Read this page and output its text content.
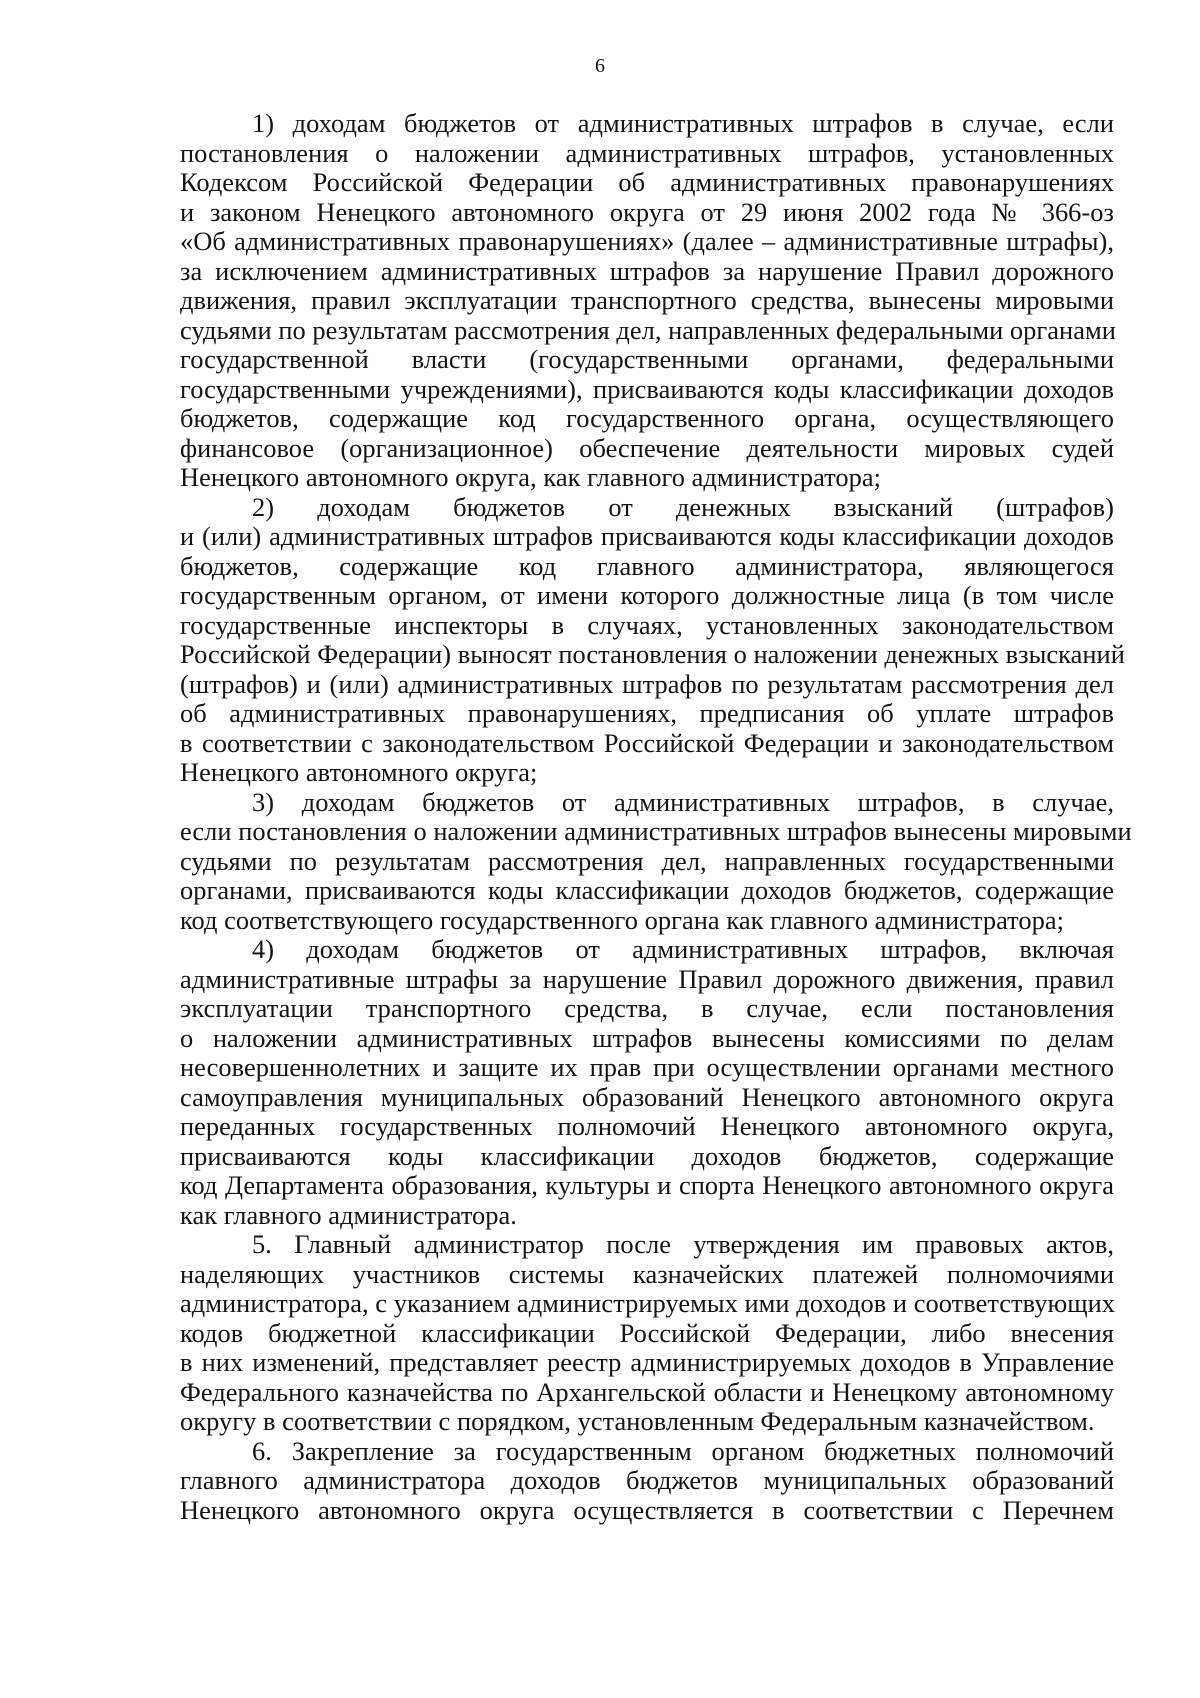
6
1) доходам бюджетов от административных штрафов в случае, если
постановления о наложении административных штрафов, установленных
Кодексом Российской Федерации об административных правонарушениях
и законом Ненецкого автономного округа от 29 июня 2002 года № 366-оз
«Об административных правонарушениях» (далее – административные штрафы),
за исключением административных штрафов за нарушение Правил дорожного
движения, правил эксплуатации транспортного средства, вынесены мировыми
судьями по результатам рассмотрения дел, направленных федеральными органами
государственной власти (государственными органами, федеральными
государственными учреждениями), присваиваются коды классификации доходов
бюджетов, содержащие код государственного органа, осуществляющего
финансовое (организационное) обеспечение деятельности мировых судей
Ненецкого автономного округа, как главного администратора;
2) доходам бюджетов от денежных взысканий (штрафов)
и (или) административных штрафов присваиваются коды классификации доходов
бюджетов, содержащие код главного администратора, являющегося
государственным органом, от имени которого должностные лица (в том числе
государственные инспекторы в случаях, установленных законодательством
Российской Федерации) выносят постановления о наложении денежных взысканий
(штрафов) и (или) административных штрафов по результатам рассмотрения дел
об административных правонарушениях, предписания об уплате штрафов
в соответствии с законодательством Российской Федерации и законодательством
Ненецкого автономного округа;
3) доходам бюджетов от административных штрафов, в случае,
если постановления о наложении административных штрафов вынесены мировыми
судьями по результатам рассмотрения дел, направленных государственными
органами, присваиваются коды классификации доходов бюджетов, содержащие
код соответствующего государственного органа как главного администратора;
4) доходам бюджетов от административных штрафов, включая
административные штрафы за нарушение Правил дорожного движения, правил
эксплуатации транспортного средства, в случае, если постановления
о наложении административных штрафов вынесены комиссиями по делам
несовершеннолетних и защите их прав при осуществлении органами местного
самоуправления муниципальных образований Ненецкого автономного округа
переданных государственных полномочий Ненецкого автономного округа,
присваиваются коды классификации доходов бюджетов, содержащие
код Департамента образования, культуры и спорта Ненецкого автономного округа
как главного администратора.
5. Главный администратор после утверждения им правовых актов,
наделяющих участников системы казначейских платежей полномочиями
администратора, с указанием администрируемых ими доходов и соответствующих
кодов бюджетной классификации Российской Федерации, либо внесения
в них изменений, представляет реестр администрируемых доходов в Управление
Федерального казначейства по Архангельской области и Ненецкому автономному
округу в соответствии с порядком, установленным Федеральным казначейством.
6. Закрепление за государственным органом бюджетных полномочий
главного администратора доходов бюджетов муниципальных образований
Ненецкого автономного округа осуществляется в соответствии с Перечнем
